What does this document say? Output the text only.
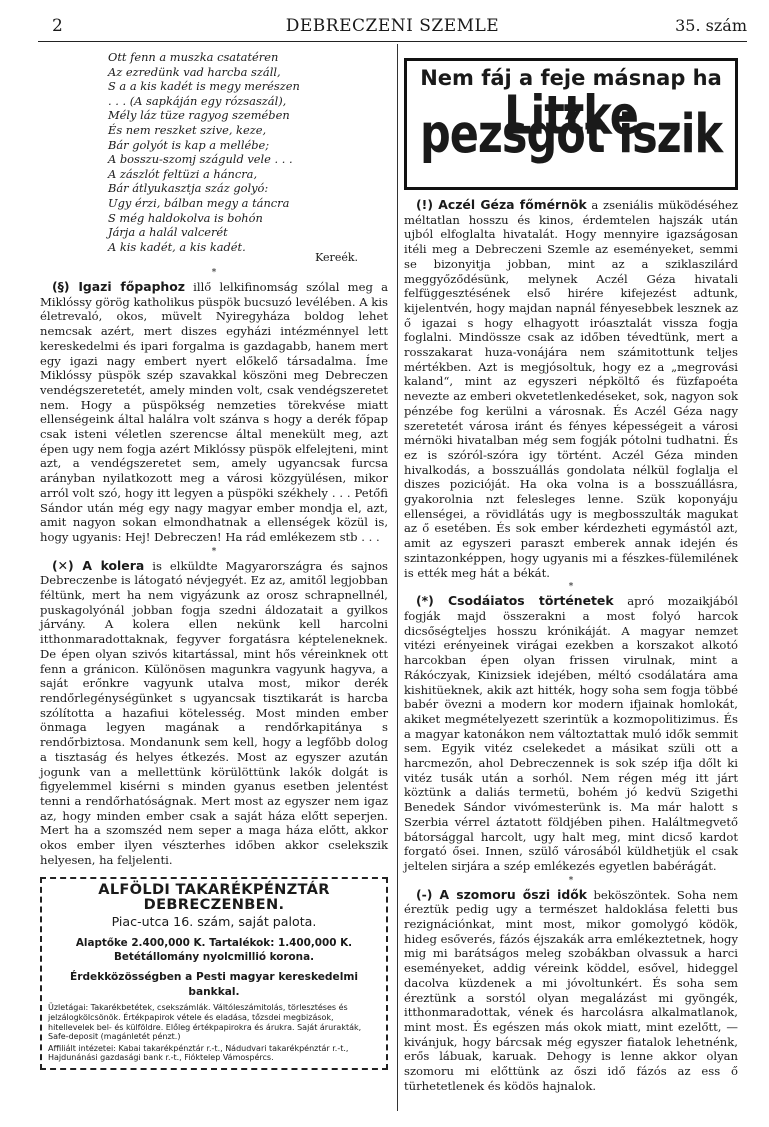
2	DEBRECZENI SZEMLE	35. szám
Ott fenn a muszka csatatéren
Az ezredünk vad harcba száll,
S a a kis kadét is megy merészen
. . . (A sapkáján egy rózsaszál),
Mély láz tüze ragyog szemében
És nem reszket szive, keze,
Bár golyót is kap a mellébe;
A bosszu-szomj száguld vele . . .
A zászlót feltüzi a háncra,
Bár átlyukasztja száz golyó:
Ugy érzi, bálban megy a táncra
S még haldokolva is bohón
Járja a halál valcerét
A kis kadét, a kis kadét.
Kereék.
*

(§) Igazi főpaphoz illő lelkifinomság szólal meg a Miklóssy görög katholikus püspök bucsuzó levélében. A kis életrevaló, okos, müvelt Nyiregyháza boldog lehet nemcsak azért, mert diszes egyházi intézménnyel lett kereskedelmi és ipari forgalma is gazdagabb, hanem mert egy igazi nagy embert nyert előkelő társadalma. Íme Miklóssy püspök szép szavakkal köszöni meg Debreczen vendégszeretetét, amely minden volt, csak vendégszeretet nem. Hogy a püspökség nemzeties törekvése miatt ellenségeink által halálra volt szánva s hogy a derék főpap csak isteni véletlen szerencse által menekült meg, azt épen ugy nem fogja azért Miklóssy püspök elfelejteni, mint azt, a vendégszeretet sem, amely ugyancsak furcsa arányban nyilatkozott meg a városi közgyülésen, mikor arról volt szó, hogy itt legyen a püspöki székhely . . . Petőfi Sándor után még egy nagy magyar ember mondja el, azt, amit nagyon sokan elmondhatnak a ellenségek közül is, hogy ugyanis: Hej! Debreczen! Ha rád emlékezem stb . . .

*

(✕) A kolera is elküldte Magyarországra és sajnos Debreczenbe is látogató névjegyét. Ez az, amitől legjobban féltünk, mert ha nem vigyázunk az orosz schrapnellnél, puskagolyónál jobban fogja szedni áldozatait a gyilkos járvány. A kolera ellen nekünk kell harcolni itthonmaradottaknak, fegyver forgatásra képteleneknek. De épen olyan szivós kitartással, mint hős véreinknek ott fenn a gránicon. Különösen magunkra vagyunk hagyva, a saját erőnkre vagyunk utalva most, mikor derék rendőrlegénységünket s ugyancsak tisztikarát is harcba szólította a hazafiui kötelesség. Most minden ember önmaga legyen magának a rendőrkapitánya s rendőrbiztosa. Mondanunk sem kell, hogy a legfőbb dolog a tisztaság és helyes étkezés. Most az egyszer azután jogunk van a mellettünk körülöttünk lakók dolgát is figyelemmel kisérni s minden gyanus esetben jelentést tenni a rendőrhatóságnak. Mert most az egyszer nem igaz az, hogy minden ember csak a saját háza előtt seperjen. Mert ha a szomszéd nem seper a maga háza előtt, akkor okos ember ilyen vészterhes időben akkor cselekszik helyesen, ha feljelenti.

ALFÖLDI TAKARÉKPÉNZTÁR DEBRECZENBEN.
Piac-utca 16. szám, saját palota.
Alaptőke 2.400,000 K. Tartalékok: 1.400,000 K. Betétállomány nyolcmillió korona.
Érdekközösségben a Pesti magyar kereskedelmi bankkal.
Üzletágai: Takarékbetétek, csekszámlák. Váltóleszámitolás, törlesztéses és jelzálogkölcsönök. Értékpapirok vétele és eladása, tőzsdei megbizások, hitellevelek bel- és külföldre. Előleg értékpapirokra és árukra. Saját árurakták, Safe-deposit (magánletét pénzt.)
Affiliált intézetei: Kabai takarékpénztár r.-t., Nádudvari takarékpénztár r.-t., Hajdunánási gazdasági bank r.-t., Fióktelep Vámospércs.
Nem fáj a feje másnap ha
Littke pezsgőt iszik

(!) Aczél Géza főmérnök a zseniális müködéséhez méltatlan hosszu és kinos, érdemtelen hajszák után ujból elfoglalta hivatalát. Hogy mennyire igazságosan itéli meg a Debreczeni Szemle az eseményeket, semmi se bizonyitja jobban, mint az a sziklaszilárd meggyőződésünk, melynek Aczél Géza hivatali felfüggesztésének első hirére kifejezést adtunk, kijelentvén, hogy majdan napnál fényesebbek lesznek az ő igazai s hogy elhagyott iróasztalát vissza fogja foglalni. Mindössze csak az időben tévedtünk, mert a rosszakarat huza-vonájára nem számitottunk teljes mértékben. Azt is megjósoltuk, hogy ez a „megrovási kaland“, mint az egyszeri népköltő és füzfapoéta nevezte az emberi okvetetlenkedéseket, sok, nagyon sok pénzébe fog kerülni a városnak. És Aczél Géza nagy szeretetét városa iránt és fényes képességeit a városi mérnöki hivatalban még sem fogják pótolni tudhatni. És ez is szóról-szóra igy történt. Aczél Géza minden hivalkodás, a bosszuállás gondolata nélkül foglalja el diszes pozicióját. Ha oka volna is a bosszuállásra, gyakorolnia nzt felesleges lenne. Szük koponyáju ellenségei, a rövidlátás ugy is megbosszulták magukat az ő esetében. És sok ember kérdezheti egymástól azt, amit az egyszeri paraszt emberek annak idején és szintazonképpen, hogy ugyanis mi a fészkes-fülemilének is ették meg hát a békát.

*

(*) Csodáiatos történetek apró mozaikjából fogják majd összerakni a most folyó harcok dicsőségteljes hosszu krónikáját. A magyar nemzet vitézi erényeinek virágai ezekben a korszakot alkotó harcokban épen olyan frissen virulnak, mint a Rákóczyak, Kinizsiek idejében, méltó csodálatára ama kishitüeknek, akik azt hitték, hogy soha sem fogja többé babér övezni a modern kor modern ifjainak homlokát, akiket megmételyezett szerintük a kozmopolitizimus. És a magyar katonákon nem változtattak muló idők semmit sem. Egyik vitéz cselekedet a másikat szüli ott a harcmezőn, ahol Debreczennek is sok szép ifja dőlt ki vitéz tusák után a sorhól. Nem régen még itt járt köztünk a daliás termetü, bohém jó kedvü Szigethi Benedek Sándor vivómesterünk is. Ma már halott s Szerbia vérrel áztatott földjében pihen. Haláltmegvető bátorsággal harcolt, ugy halt meg, mint dicső kardot forgató ősei. Innen, szülő városából küldhetjük el csak jeltelen sirjára a szép emlékezés egyetlen babérágát.

*

(-) A szomoru őszi idők beköszöntek. Soha nem éreztük pedig ugy a természet haldoklása feletti bus rezignációnkat, mint most, mikor gomolygó ködök, hideg esőverés, fázós éjszakák arra emlékeztetnek, hogy mig mi barátságos meleg szobákban olvassuk a harci eseményeket, addig véreink köddel, esővel, hideggel dacolva küzdenek a mi jóvoltunkért. És soha sem éreztünk a sorstól olyan megalázást mi gyöngék, itthonmaradottak, vének és harcolásra alkalmatlanok, mint most. És egészen más okok miatt, mint ezelőtt, — kivánjuk, hogy bárcsak még egyszer fiatalok lehetnénk, erős lábuak, karuak. Dehogy is lenne akkor olyan szomoru mi előttünk az őszi idő fázós az ess ő türhetetlenek és ködös hajnalok.
